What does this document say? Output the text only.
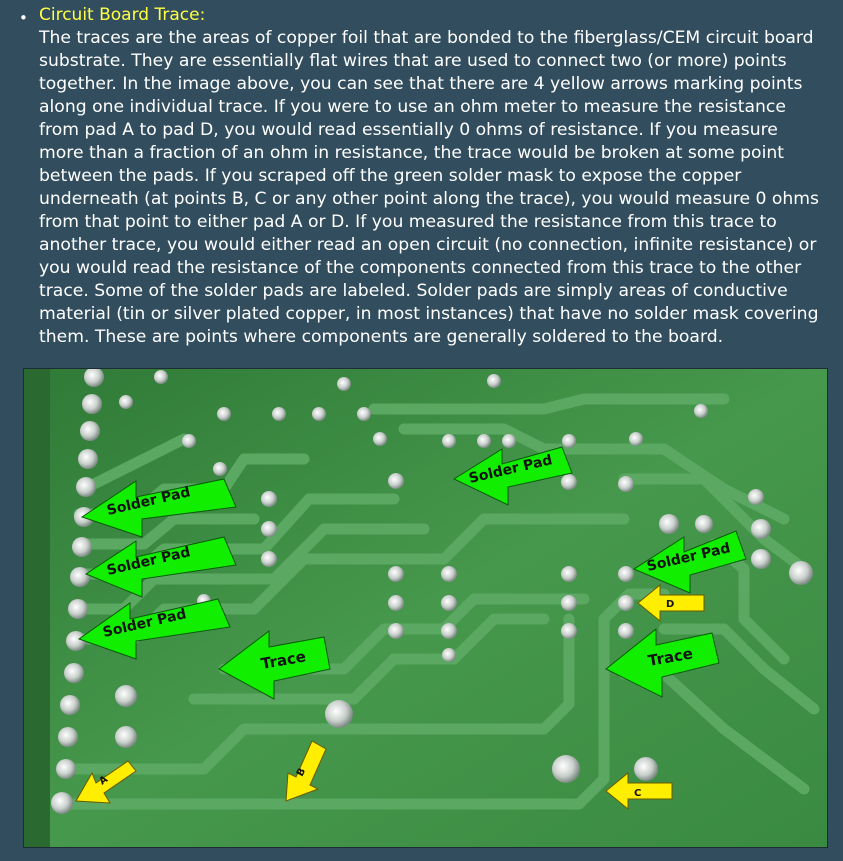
• Circuit Board Trace:
The traces are the areas of copper foil that are bonded to the fiberglass/CEM circuit board
substrate. They are essentially flat wires that are used to connect two (or more) points
together. In the image above, you can see that there are 4 yellow arrows marking points
along one individual trace. If you were to use an ohm meter to measure the resistance
from pad A to pad D, you would read essentially 0 ohms of resistance. If you measure
more than a fraction of an ohm in resistance, the trace would be broken at some point
between the pads. If you scraped off the green solder mask to expose the copper
underneath (at points B, C or any other point along the trace), you would measure 0 ohms
from that point to either pad A or D. If you measured the resistance from this trace to
another trace, you would either read an open circuit (no connection, infinite resistance) or
you would read the resistance of the components connected from this trace to the other
trace. Some of the solder pads are labeled. Solder pads are simply areas of conductive
material (tin or silver plated copper, in most instances) that have no solder mask covering
them. These are points where components are generally soldered to the board.
Solder Pad
Solder Pad
Solder Pad
Solder Pad
Solder Pad
Trace	Trace
A
B
C
D
